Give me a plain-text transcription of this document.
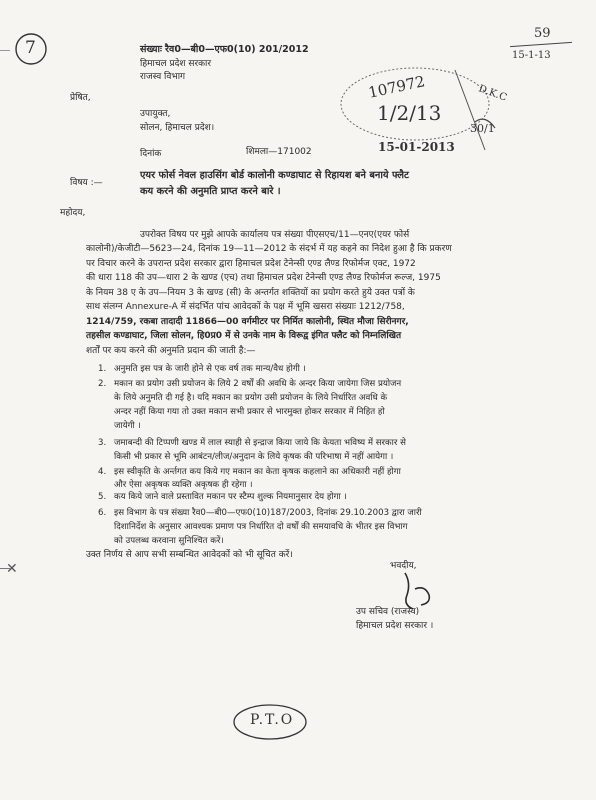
✕
7
59
15-1-13
संख्याः रैव0—बी0—एफ0(10) 201/2012
हिमाचल प्रदेश सरकार
राजस्व विभाग
प्रेषित,
उपायुक्त,
सोलन, हिमाचल प्रदेश।
दिनांक	शिमला—171002	15-01-2013
107972
1/2/13
D.K.C
30/1
विषय :—
एयर फोर्स नेवल हाउसिंग बोर्ड कालोनी कण्डाघाट से रिहायश बने बनाये फ्लैट
कय करने की अनुमति प्राप्त करने बारे ।
महोदय,
उपरोक्त विषय पर मुझे आपके कार्यालय पत्र संख्या पीएसएच/11—एनए(एयर फोर्स
कालोनी)/केजीटी—5623—24, दिनांक 19—11—2012 के संदर्भ में यह कहने का निदेश हुआ है कि प्रकरण
पर विचार करने के उपरान्त प्रदेश सरकार द्वारा हिमाचल प्रदेश टेनेन्सी एण्ड लैण्ड रिफोर्मज एक्ट, 1972
की धारा 118 की उप—धारा 2 के खण्ड (एच) तथा हिमाचल प्रदेश टेनेन्सी एण्ड लैण्ड रिफोर्मज रूल्ज, 1975
के नियम 38 ए के उप—नियम 3 के खण्ड (सी) के अन्तर्गत शक्तियों का प्रयोग करते हुये उक्त पत्रों के
साथ संलग्न Annexure-A में संदर्भित पांच आवेदकों के पक्ष में भूमि खसरा संख्याः 1212/758,
1214/759, रकबा तादादी 11866—00 वर्गमीटर पर निर्मित कालोनी, स्थित मौजा सिरीनगर,
तहसील कण्डाघाट, जिला सोलन, हि0प्र0 में से उनके नाम के विरूद्व इंगित फ्लैट को निम्नलिखित
शर्तों पर कय करने की अनुमति प्रदान की जाती है:—
1. अनुमति इस पत्र के जारी होने से एक वर्ष तक मान्य/वैध होगी ।
2. मकान का प्रयोग उसी प्रयोजन के लिये 2 वर्षों की अवधि के अन्दर किया जायेगा जिस प्रयोजन
के लिये अनुमति दी गई है। यदि मकान का प्रयोग उसी प्रयोजन के लिये निर्धारित अवधि के
अन्दर नहीं किया गया तो उक्त मकान सभी प्रकार से भारमुक्त होकर सरकार में निहित हो
जायेगी ।
3. जमाबन्दी की टिप्पणी खण्ड में लाल स्याही से इन्द्राज किया जाये कि केयता भविष्य में सरकार से
किसी भी प्रकार से भूमि आबंटन/लीज/अनुदान के लिये कृषक की परिभाषा में नहीं आयेगा ।
4. इस स्वीकृति के अर्न्तगत कय किये गए मकान का केता कृषक कहलाने का अधिकारी नहीं होगा
और ऐसा अकृषक व्यक्ति अकृषक ही रहेगा ।
5. कय किये जाने वाले प्रस्तावित मकान पर स्टैम्प शुल्क नियमानुसार देय होगा ।
6. इस विभाग के पत्र संख्या रैव0—बी0—एफ0(10)187/2003, दिनांक 29.10.2003 द्वारा जारी
दिशानिर्देश के अनुसार आवश्यक प्रमाण पत्र निर्धारित दो वर्षों की समयावधि के भीतर इस विभाग
को उपलब्ध करवाना सुनिश्चित करें।
उक्त निर्णय से आप सभी सम्बन्धित आवेदकों को भी सूचित करें।
भवदीय,
उप सचिव (राजस्व)
हिमाचल प्रदेश सरकार ।
P.T.O
